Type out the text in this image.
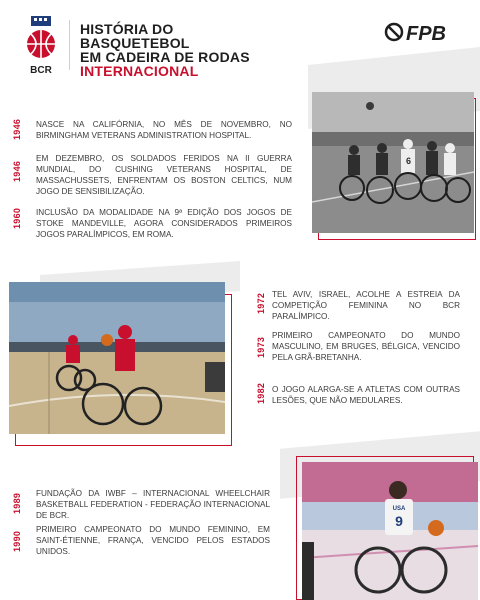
BCR
HISTÓRIA DO
BASQUETEBOL
EM CADEIRA DE RODAS
INTERNACIONAL
FPB
1946 NASCE NA CALIFÓRNIA, NO MÊS DE NOVEMBRO, NO BIRMINGHAM VETERANS ADMINISTRATION HOSPITAL.
1946
EM DEZEMBRO, OS SOLDADOS FERIDOS NA II GUERRA MUNDIAL, DO CUSHING VETERANS HOSPITAL, DE MASSACHUSSETS, ENFRENTAM OS BOSTON CELTICS, NUM JOGO DE SENSIBILIZAÇÃO.
1960 INCLUSÃO DA MODALIDADE NA 9ª EDIÇÃO DOS JOGOS DE STOKE MANDEVILLE, AGORA CONSIDERADOS PRIMEIROS JOGOS PARALÍMPICOS, EM ROMA.
6
1972 TEL AVIV, ISRAEL, ACOLHE A ESTREIA DA COMPETIÇÃO FEMININA NO BCR PARALÍMPICO.
1973
PRIMEIRO CAMPEONATO DO MUNDO MASCULINO, EM BRUGES, BÉLGICA, VENCIDO PELA GRÃ-BRETANHA.
1982 O JOGO ALARGA-SE A ATLETAS COM OUTRAS LESÕES, QUE NÃO MEDULARES.
1989 FUNDAÇÃO DA IWBF – INTERNACIONAL WHEELCHAIR BASKETBALL FEDERATION - FEDERAÇÃO INTERNACIONAL DE BCR.
1990
PRIMEIRO CAMPEONATO DO MUNDO FEMININO, EM SAINT-ÉTIENNE, FRANÇA, VENCIDO PELOS ESTADOS UNIDOS.
USA
9
